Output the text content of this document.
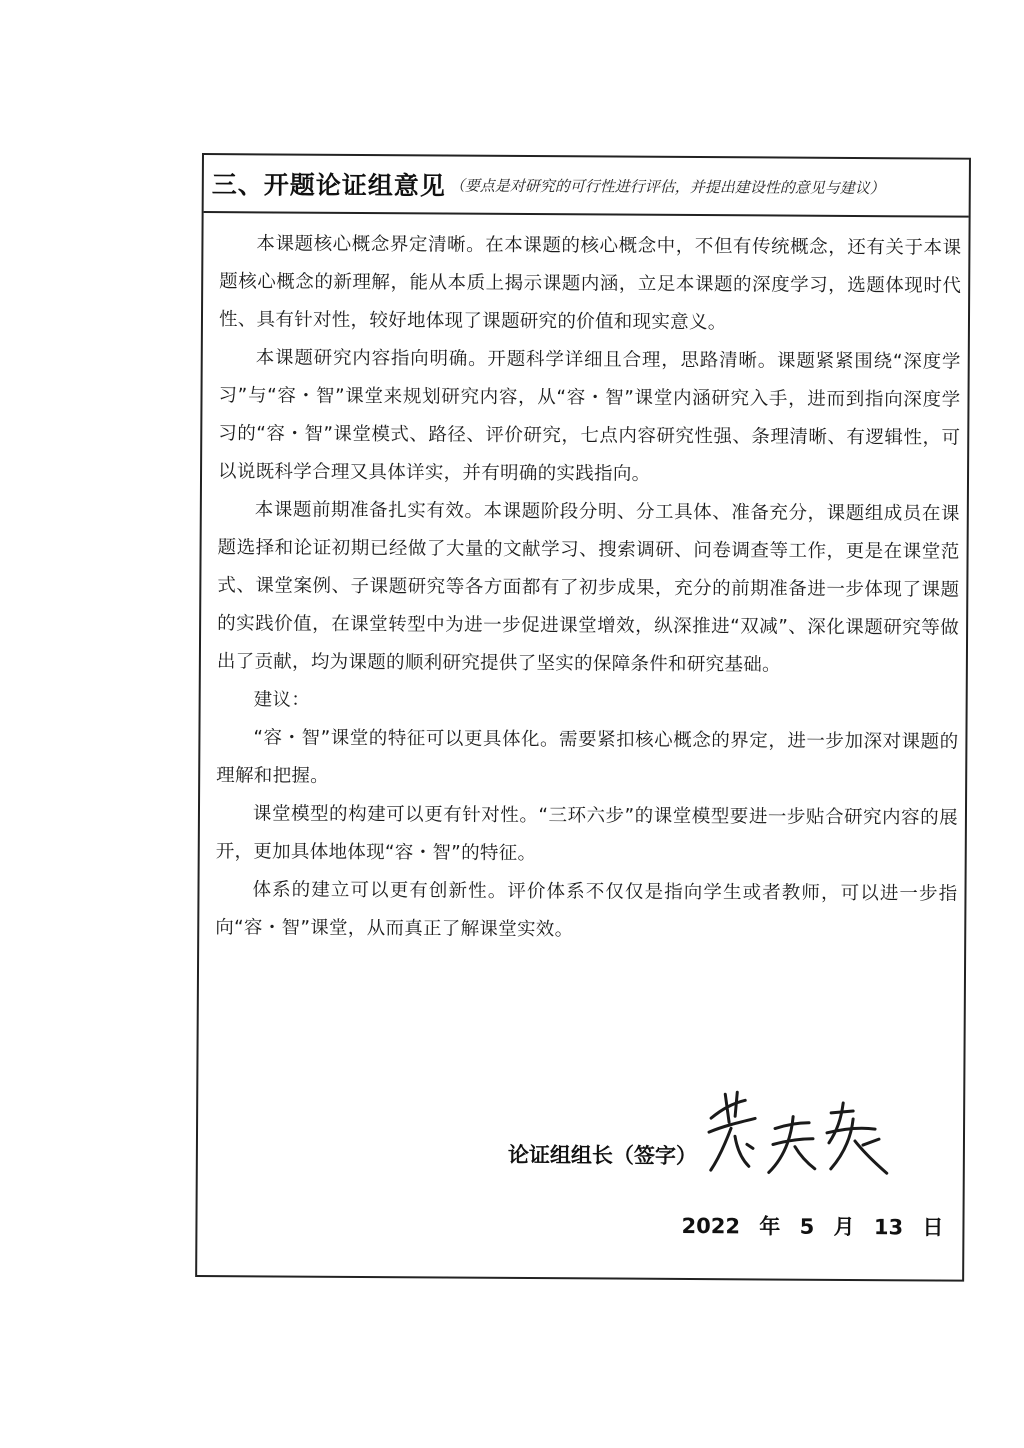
三、开题论证组意见 （要点是对研究的可行性进行评估，并提出建设性的意见与建议）

本课题核心概念界定清晰。在本课题的核心概念中，不但有传统概念，还有关于本课题核心概念的新理解，能从本质上揭示课题内涵，立足本课题的深度学习，选题体现时代性、具有针对性，较好地体现了课题研究的价值和现实意义。

本课题研究内容指向明确。开题科学详细且合理，思路清晰。课题紧紧围绕“深度学习”与“容・智”课堂来规划研究内容，从“容・智”课堂内涵研究入手，进而到指向深度学习的“容・智”课堂模式、路径、评价研究，七点内容研究性强、条理清晰、有逻辑性，可以说既科学合理又具体详实，并有明确的实践指向。

本课题前期准备扎实有效。本课题阶段分明、分工具体、准备充分，课题组成员在课题选择和论证初期已经做了大量的文献学习、搜索调研、问卷调查等工作，更是在课堂范式、课堂案例、子课题研究等各方面都有了初步成果，充分的前期准备进一步体现了课题的实践价值，在课堂转型中为进一步促进课堂增效，纵深推进“双减”、深化课题研究等做出了贡献，均为课题的顺利研究提供了坚实的保障条件和研究基础。

建议：

“容・智”课堂的特征可以更具体化。需要紧扣核心概念的界定，进一步加深对课题的理解和把握。

课堂模型的构建可以更有针对性。“三环六步”的课堂模型要进一步贴合研究内容的展开，更加具体地体现“容・智”的特征。

体系的建立可以更有创新性。评价体系不仅仅是指向学生或者教师，可以进一步指向“容・智”课堂，从而真正了解课堂实效。

论证组组长（签字）
2022 年 5 月 13 日
